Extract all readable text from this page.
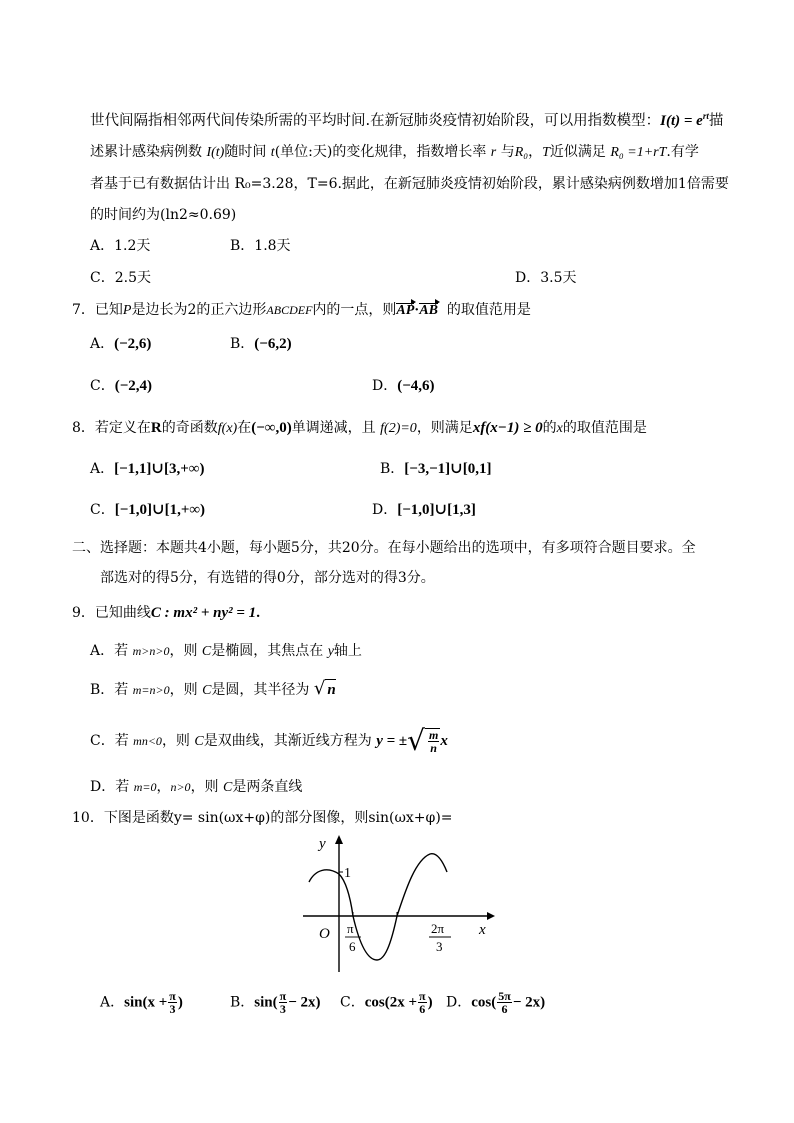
世代间隔指相邻两代间传染所需的平均时间.在新冠肺炎疫情初始阶段，可以用指数模型：$I(t) = e^{rt}$描
述累计感染病例数 I(t)随时间 t(单位:天)的变化规律，指数增长率 r 与R₀，T近似满足 R₀ =1+rT.有学
者基于已有数据估计出 R₀=3.28，T=6.据此，在新冠肺炎疫情初始阶段，累计感染病例数增加1倍需要
的时间约为(ln2≈0.69)
A．1.2天	B．1.8天
C．2.5天	D．3.5天
7．已知P是边长为2的正六边形ABCDEF内的一点，则AP·AB 的取值范用是
A．(−2,6)	B．(−6,2)
C．(−2,4)	D．(−4,6)
8．若定义在R的奇函数f(x)在(−∞,0)单调递减，且 f(2)=0，则满足xf(x−1) ≥ 0的x的取值范围是
A．[−1,1]∪[3,+∞)	B．[−3,−1]∪[0,1]
C．[−1,0]∪[1,+∞)	D．[−1,0]∪[1,3]
二、选择题：本题共4小题，每小题5分，共20分。在每小题给出的选项中，有多项符合题目要求。全
部选对的得5分，有选错的得0分，部分选对的得3分。
9．已知曲线C : mx² + ny² = 1.
A．若 m>n>0，则 C是椭圆，其焦点在 y轴上
B．若 m=n>0，则 C是圆，其半径为 √ n
C．若 mn<0，则 C是双曲线，其渐近线方程为 y = ±√ $\frac{m}{n}$ x
D．若 m=0，n>0，则 C是两条直线
10．下图是函数y= sin(ωx+φ)的部分图像，则sin(ωx+φ)=
y
1
O	x
π
6
2π
3
A．$\sin(x + \frac{\pi}{3}$ )	B．$\sin( \frac{\pi}{3} - 2x)$ C．$\cos(2x + \frac{\pi}{6}$ ) D．$\cos( \frac{5\pi}{6} - 2x)$
